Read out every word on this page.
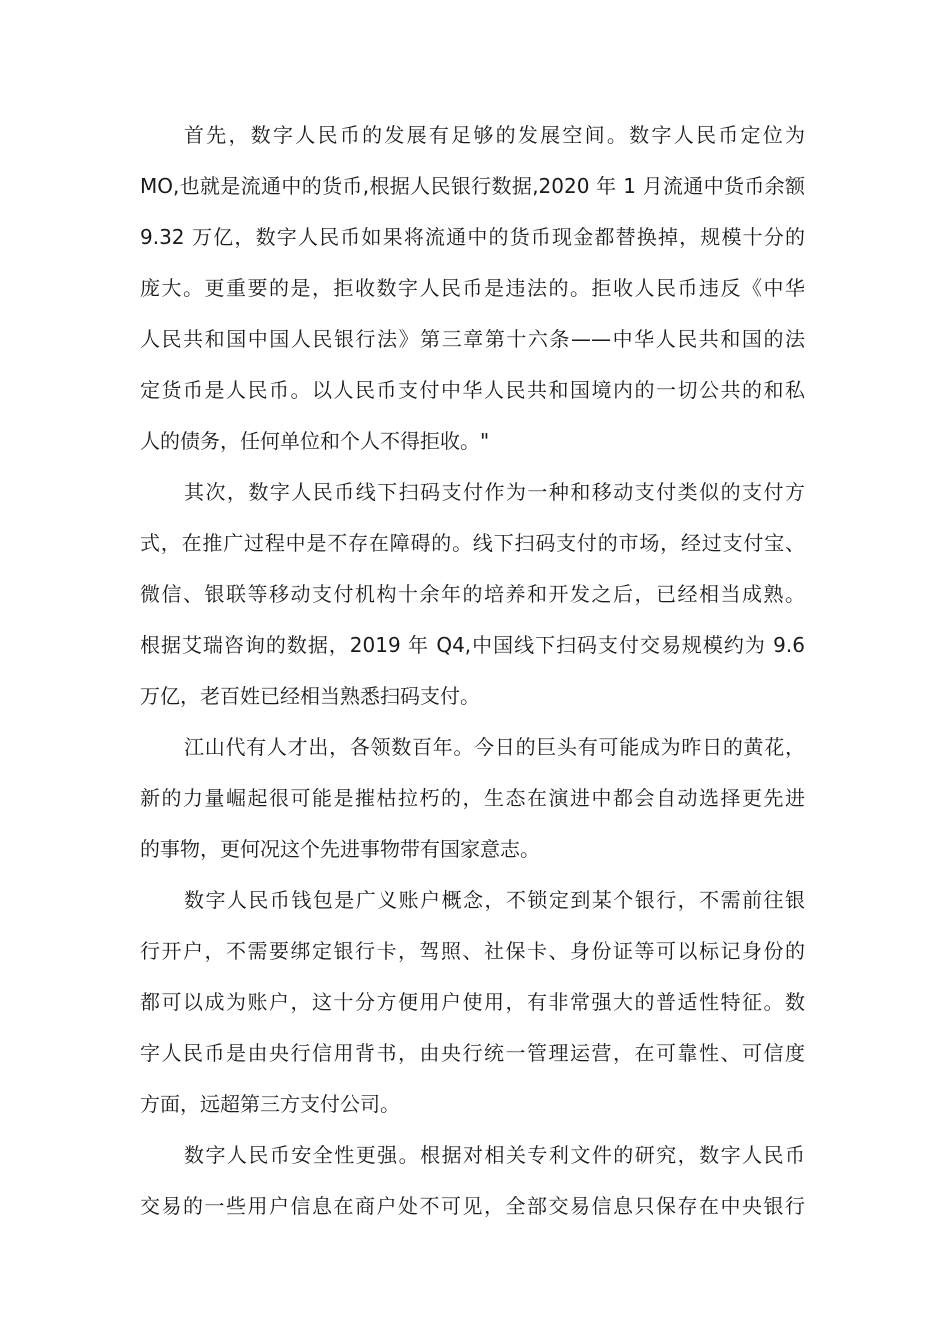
首先，数字人民币的发展有足够的发展空间。数字人民币定位为
MO,也就是流通中的货币,根据人民银行数据,2020 年 1 月流通中货币余额
9.32 万亿，数字人民币如果将流通中的货币现金都替换掉，规模十分的
庞大。更重要的是，拒收数字人民币是违法的。拒收人民币违反《中华
人民共和国中国人民银行法》第三章第十六条——中华人民共和国的法
定货币是人民币。以人民币支付中华人民共和国境内的一切公共的和私
人的债务，任何单位和个人不得拒收。"
其次，数字人民币线下扫码支付作为一种和移动支付类似的支付方
式，在推广过程中是不存在障碍的。线下扫码支付的市场，经过支付宝、
微信、银联等移动支付机构十余年的培养和开发之后，已经相当成熟。
根据艾瑞咨询的数据，2019 年 Q4,中国线下扫码支付交易规模约为 9.6
万亿，老百姓已经相当熟悉扫码支付。
江山代有人才出，各领数百年。今日的巨头有可能成为昨日的黄花，
新的力量崛起很可能是摧枯拉朽的，生态在演进中都会自动选择更先进
的事物，更何况这个先进事物带有国家意志。
数字人民币钱包是广义账户概念，不锁定到某个银行，不需前往银
行开户，不需要绑定银行卡，驾照、社保卡、身份证等可以标记身份的
都可以成为账户，这十分方便用户使用，有非常强大的普适性特征。数
字人民币是由央行信用背书，由央行统一管理运营，在可靠性、可信度
方面，远超第三方支付公司。
数字人民币安全性更强。根据对相关专利文件的研究，数字人民币
交易的一些用户信息在商户处不可见，全部交易信息只保存在中央银行
